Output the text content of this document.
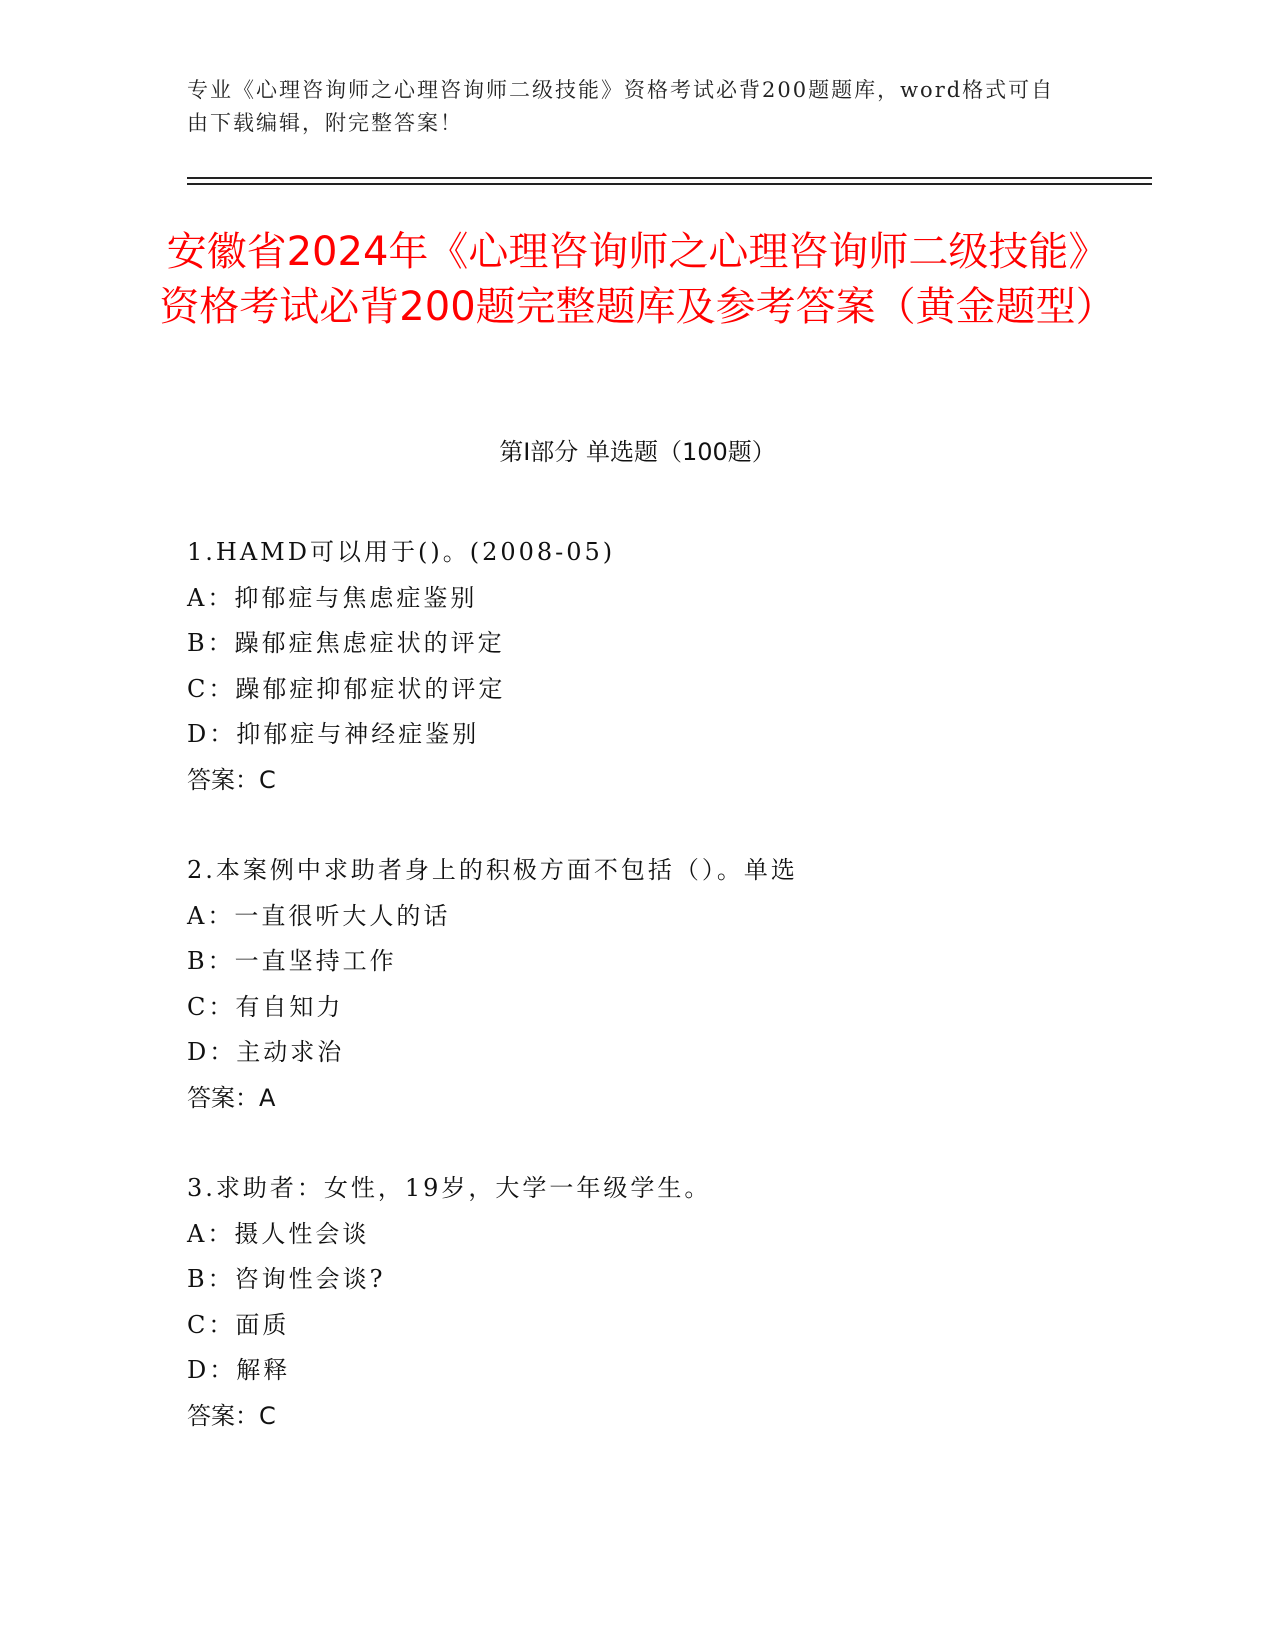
专业《心理咨询师之心理咨询师二级技能》资格考试必背200题题库，word格式可自由下载编辑，附完整答案！
安徽省2024年《心理咨询师之心理咨询师二级技能》资格考试必背200题完整题库及参考答案（黄金题型）
第I部分 单选题（100题）
1.HAMD可以用于()。(2008-05)
A：抑郁症与焦虑症鉴别
B：躁郁症焦虑症状的评定
C：躁郁症抑郁症状的评定
D：抑郁症与神经症鉴别
答案：C
2.本案例中求助者身上的积极方面不包括（）。单选
A：一直很听大人的话
B：一直坚持工作
C：有自知力
D：主动求治
答案：A
3.求助者：女性，19岁，大学一年级学生。
A：摄人性会谈
B：咨询性会谈?
C：面质
D：解释
答案：C
